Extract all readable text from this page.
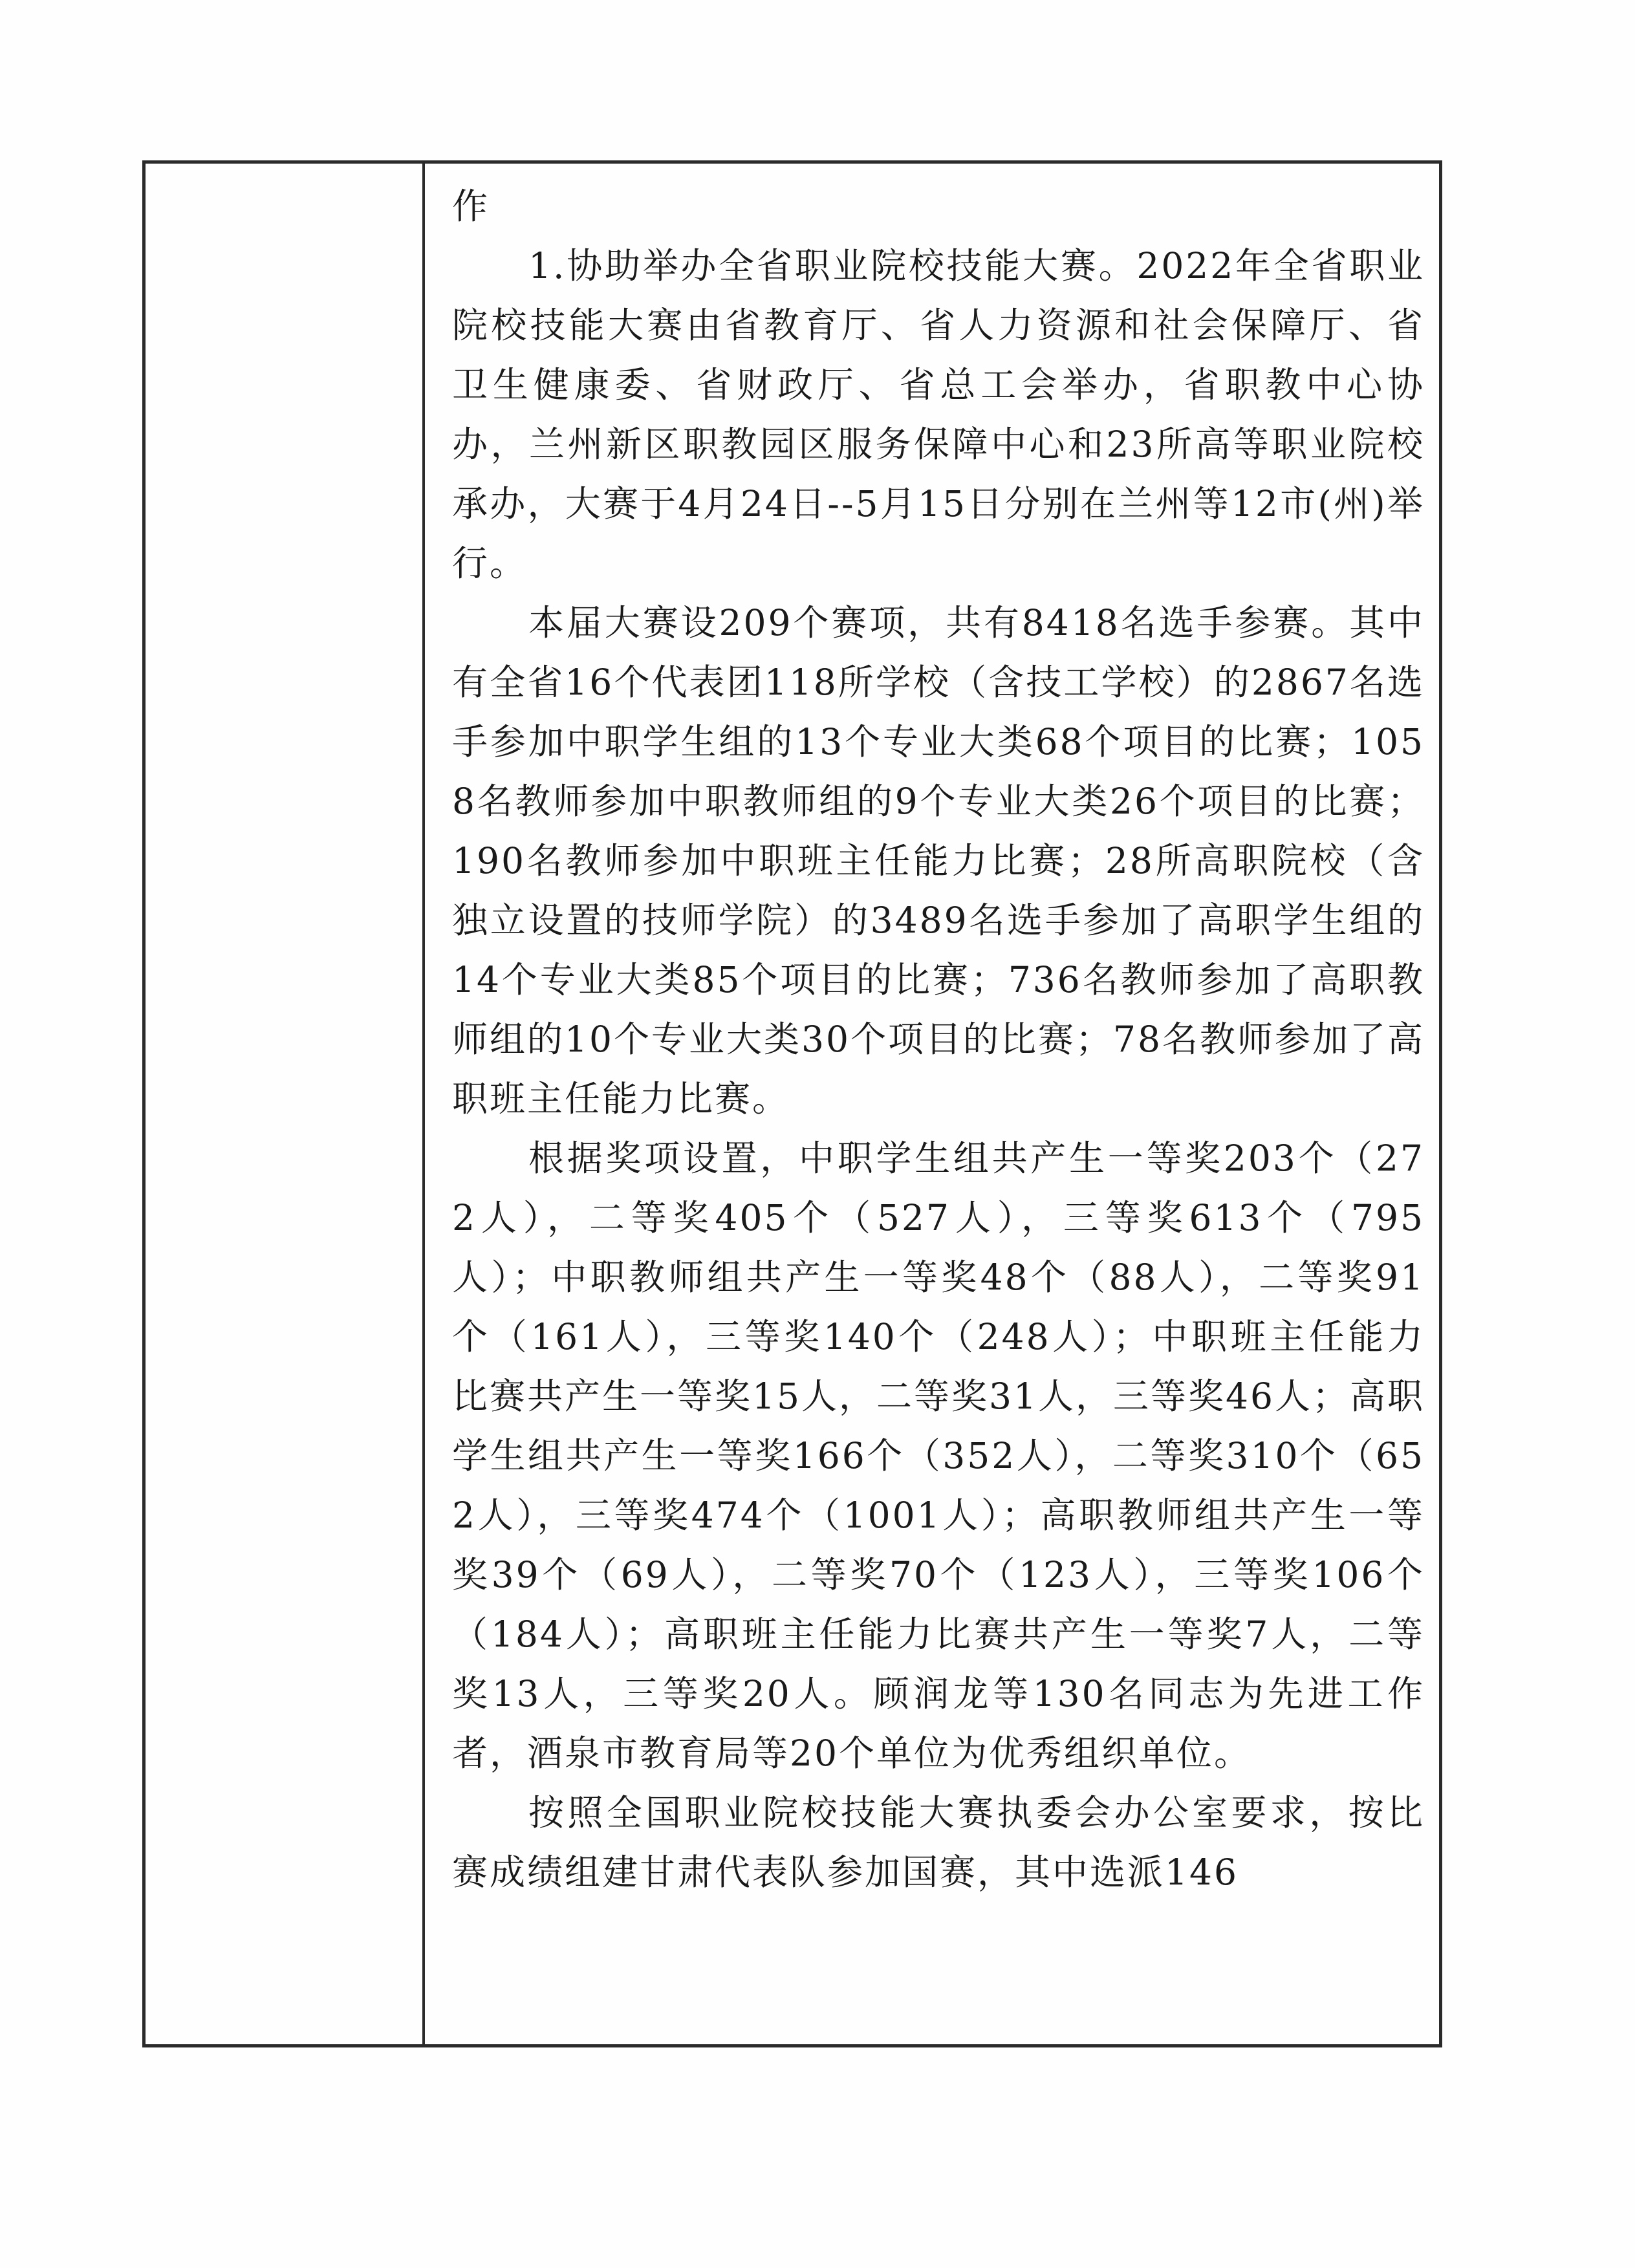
作

1.协助举办全省职业院校技能大赛。2022年全省职业院校技能大赛由省教育厅、省人力资源和社会保障厅、省卫生健康委、省财政厅、省总工会举办，省职教中心协办，兰州新区职教园区服务保障中心和23所高等职业院校承办，大赛于4月24日--5月15日分别在兰州等12市(州)举行。

本届大赛设209个赛项，共有8418名选手参赛。其中有全省16个代表团118所学校（含技工学校）的2867名选手参加中职学生组的13个专业大类68个项目的比赛；1058名教师参加中职教师组的9个专业大类26个项目的比赛；190名教师参加中职班主任能力比赛；28所高职院校（含独立设置的技师学院）的3489名选手参加了高职学生组的14个专业大类85个项目的比赛；736名教师参加了高职教师组的10个专业大类30个项目的比赛；78名教师参加了高职班主任能力比赛。

根据奖项设置，中职学生组共产生一等奖203个（272人），二等奖405个（527人），三等奖613个（795人）；中职教师组共产生一等奖48个（88人），二等奖91个（161人），三等奖140个（248人）；中职班主任能力比赛共产生一等奖15人，二等奖31人，三等奖46人；高职学生组共产生一等奖166个（352人），二等奖310个（652人），三等奖474个（1001人）；高职教师组共产生一等奖39个（69人），二等奖70个（123人），三等奖106个（184人）；高职班主任能力比赛共产生一等奖7人，二等奖13人，三等奖20人。顾润龙等130名同志为先进工作者，酒泉市教育局等20个单位为优秀组织单位。

按照全国职业院校技能大赛执委会办公室要求，按比赛成绩组建甘肃代表队参加国赛，其中选派146
